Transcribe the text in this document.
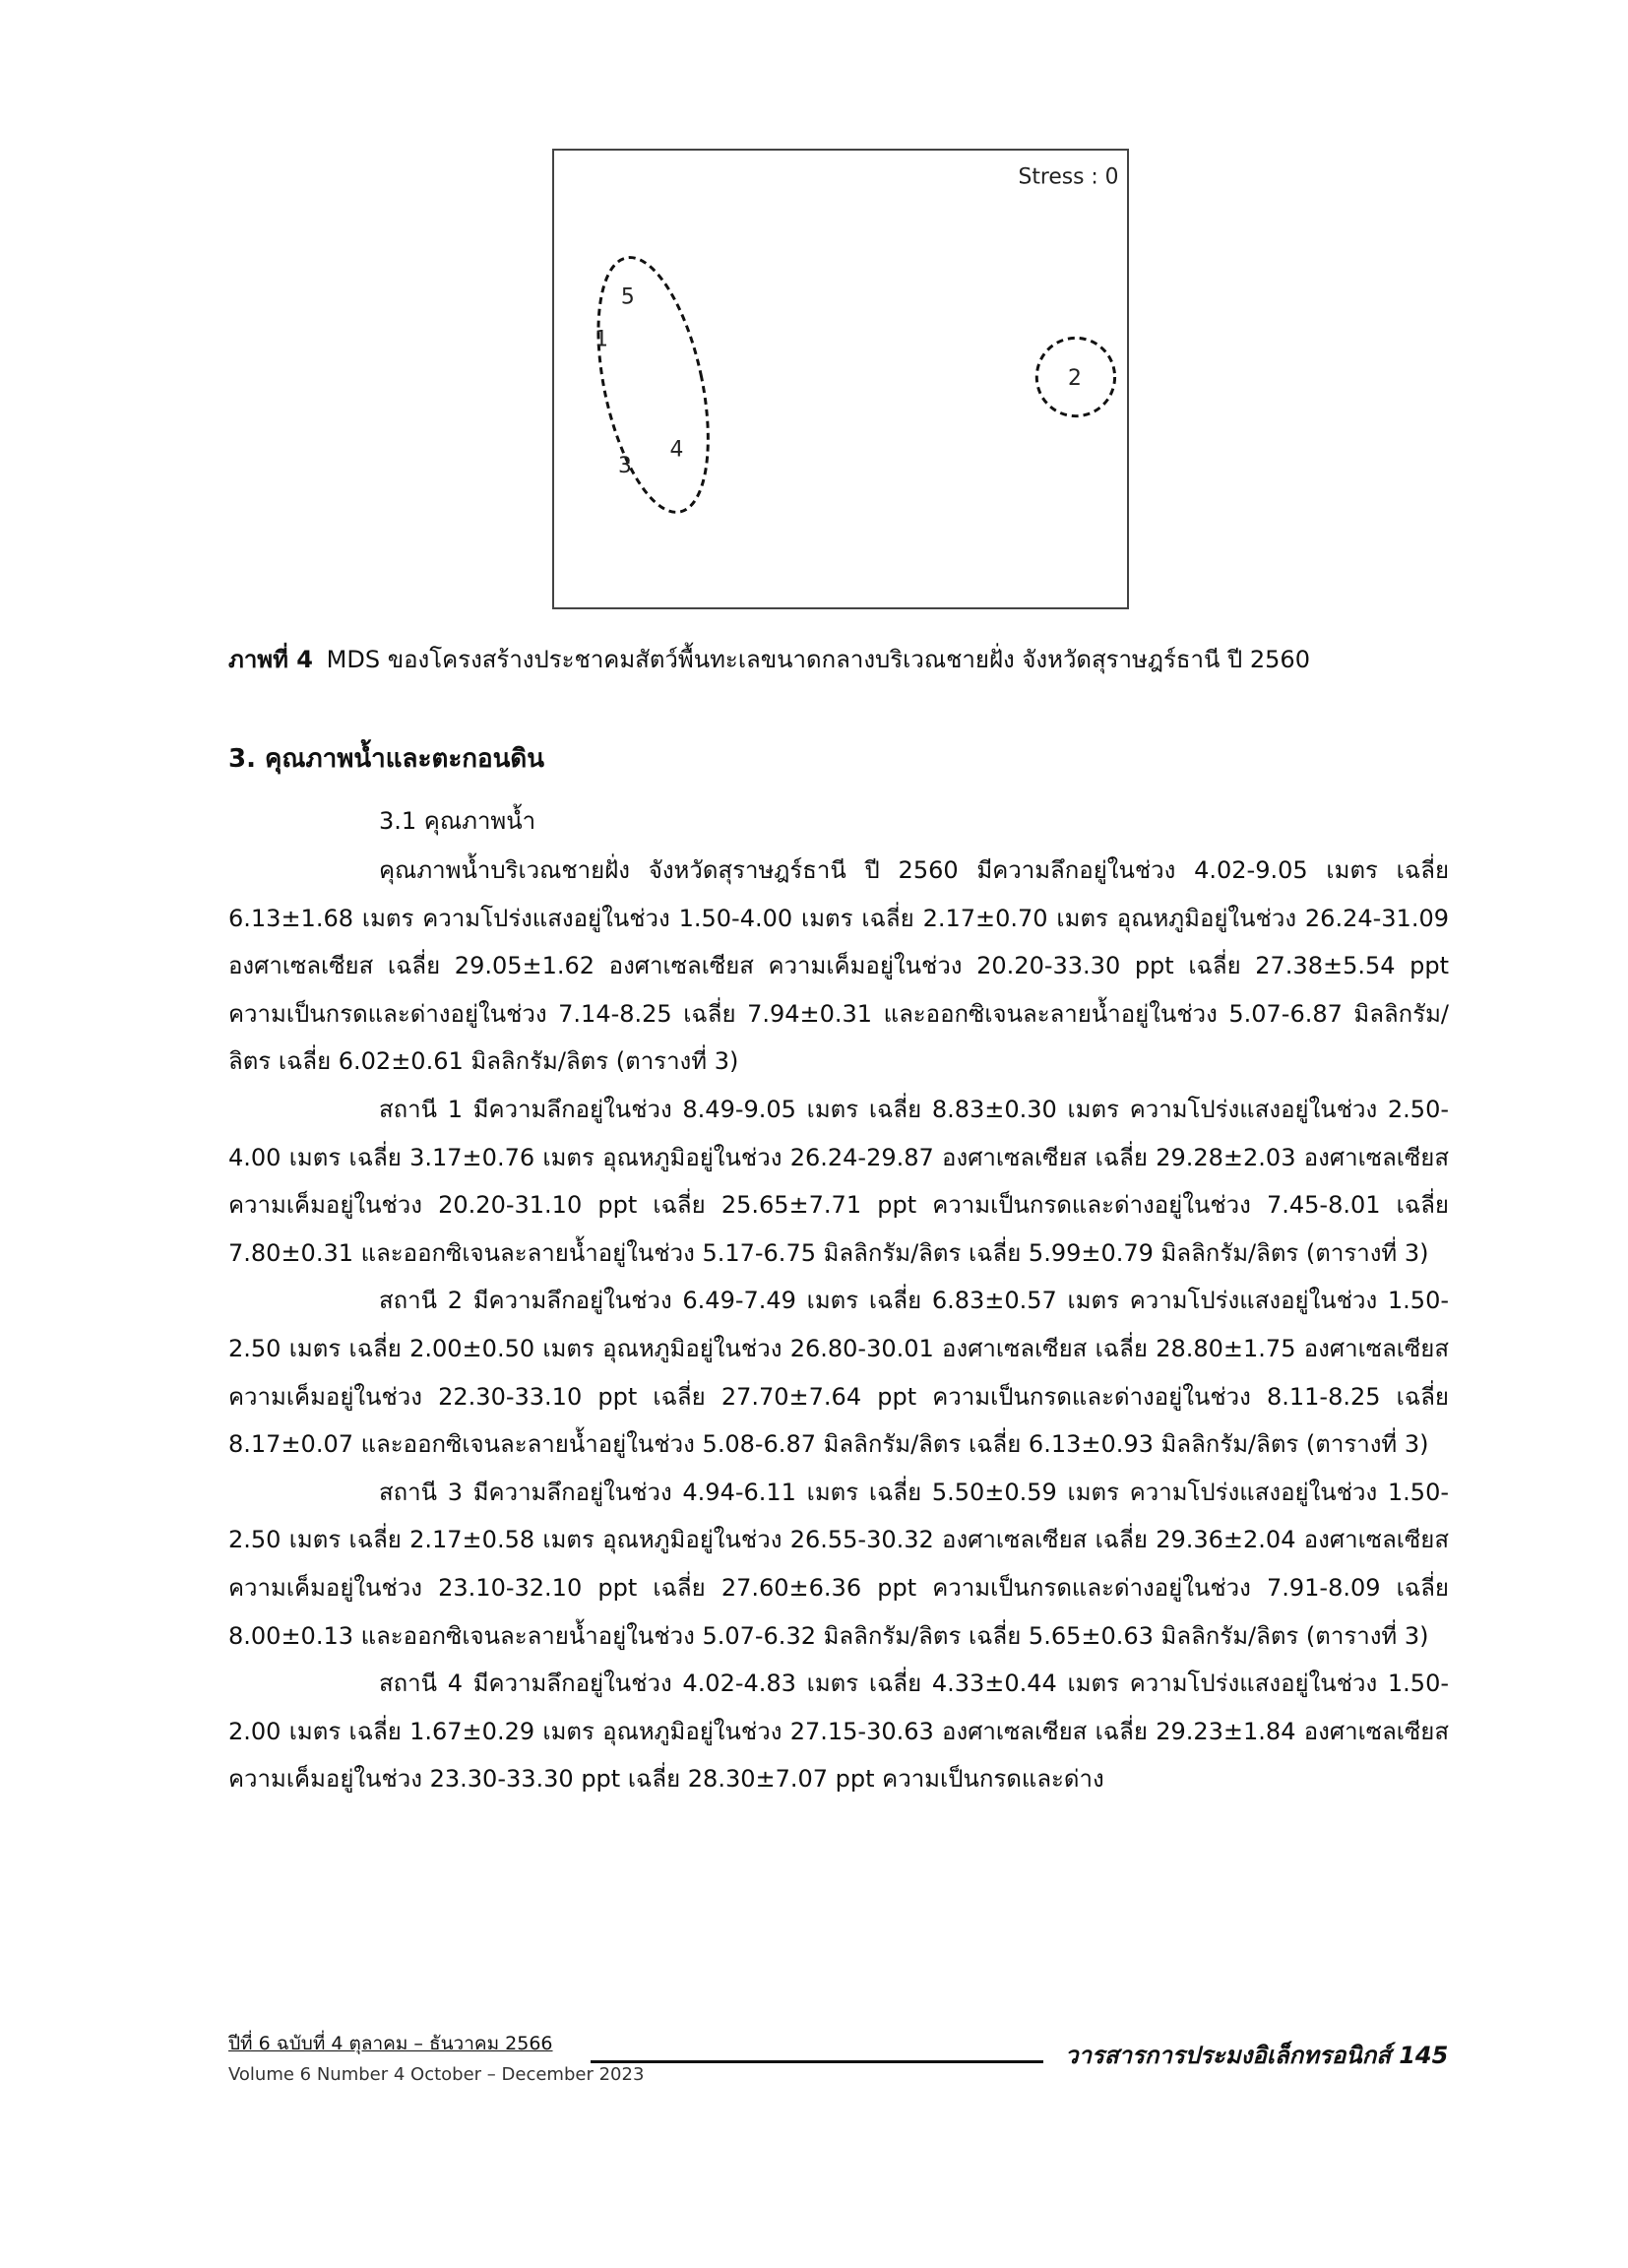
Stress : 0
5
1
2
3
4
ภาพที่ 4 MDS ของโครงสร้างประชาคมสัตว์พื้นทะเลขนาดกลางบริเวณชายฝั่ง จังหวัดสุราษฎร์ธานี ปี 2560
3. คุณภาพน้ำและตะกอนดิน
3.1 คุณภาพน้ำ

คุณภาพน้ำบริเวณชายฝั่ง จังหวัดสุราษฎร์ธานี ปี 2560 มีความลึกอยู่ในช่วง 4.02-9.05 เมตร เฉลี่ย 6.13±1.68 เมตร ความโปร่งแสงอยู่ในช่วง 1.50-4.00 เมตร เฉลี่ย 2.17±0.70 เมตร อุณหภูมิอยู่ในช่วง 26.24-31.09 องศาเซลเซียส เฉลี่ย 29.05±1.62 องศาเซลเซียส ความเค็มอยู่ในช่วง 20.20-33.30 ppt เฉลี่ย 27.38±5.54 ppt ความเป็นกรดและด่างอยู่ในช่วง 7.14-8.25 เฉลี่ย 7.94±0.31 และออกซิเจนละลายน้ำอยู่ในช่วง 5.07-6.87 มิลลิกรัม/ลิตร เฉลี่ย 6.02±0.61 มิลลิกรัม/ลิตร (ตารางที่ 3)

สถานี 1 มีความลึกอยู่ในช่วง 8.49-9.05 เมตร เฉลี่ย 8.83±0.30 เมตร ความโปร่งแสงอยู่ในช่วง 2.50-4.00 เมตร เฉลี่ย 3.17±0.76 เมตร อุณหภูมิอยู่ในช่วง 26.24-29.87 องศาเซลเซียส เฉลี่ย 29.28±2.03 องศาเซลเซียส ความเค็มอยู่ในช่วง 20.20-31.10 ppt เฉลี่ย 25.65±7.71 ppt ความเป็นกรดและด่างอยู่ในช่วง 7.45-8.01 เฉลี่ย 7.80±0.31 และออกซิเจนละลายน้ำอยู่ในช่วง 5.17-6.75 มิลลิกรัม/ลิตร เฉลี่ย 5.99±0.79 มิลลิกรัม/ลิตร (ตารางที่ 3)

สถานี 2 มีความลึกอยู่ในช่วง 6.49-7.49 เมตร เฉลี่ย 6.83±0.57 เมตร ความโปร่งแสงอยู่ในช่วง 1.50-2.50 เมตร เฉลี่ย 2.00±0.50 เมตร อุณหภูมิอยู่ในช่วง 26.80-30.01 องศาเซลเซียส เฉลี่ย 28.80±1.75 องศาเซลเซียส ความเค็มอยู่ในช่วง 22.30-33.10 ppt เฉลี่ย 27.70±7.64 ppt ความเป็นกรดและด่างอยู่ในช่วง 8.11-8.25 เฉลี่ย 8.17±0.07 และออกซิเจนละลายน้ำอยู่ในช่วง 5.08-6.87 มิลลิกรัม/ลิตร เฉลี่ย 6.13±0.93 มิลลิกรัม/ลิตร (ตารางที่ 3)

สถานี 3 มีความลึกอยู่ในช่วง 4.94-6.11 เมตร เฉลี่ย 5.50±0.59 เมตร ความโปร่งแสงอยู่ในช่วง 1.50-2.50 เมตร เฉลี่ย 2.17±0.58 เมตร อุณหภูมิอยู่ในช่วง 26.55-30.32 องศาเซลเซียส เฉลี่ย 29.36±2.04 องศาเซลเซียส ความเค็มอยู่ในช่วง 23.10-32.10 ppt เฉลี่ย 27.60±6.36 ppt ความเป็นกรดและด่างอยู่ในช่วง 7.91-8.09 เฉลี่ย 8.00±0.13 และออกซิเจนละลายน้ำอยู่ในช่วง 5.07-6.32 มิลลิกรัม/ลิตร เฉลี่ย 5.65±0.63 มิลลิกรัม/ลิตร (ตารางที่ 3)

สถานี 4 มีความลึกอยู่ในช่วง 4.02-4.83 เมตร เฉลี่ย 4.33±0.44 เมตร ความโปร่งแสงอยู่ในช่วง 1.50-2.00 เมตร เฉลี่ย 1.67±0.29 เมตร อุณหภูมิอยู่ในช่วง 27.15-30.63 องศาเซลเซียส เฉลี่ย 29.23±1.84 องศาเซลเซียส ความเค็มอยู่ในช่วง 23.30-33.30 ppt เฉลี่ย 28.30±7.07 ppt ความเป็นกรดและด่าง

ปีที่ 6 ฉบับที่ 4 ตุลาคม – ธันวาคม 2566
Volume 6 Number 4 October – December 2023
วารสารการประมงอิเล็กทรอนิกส์ 145
